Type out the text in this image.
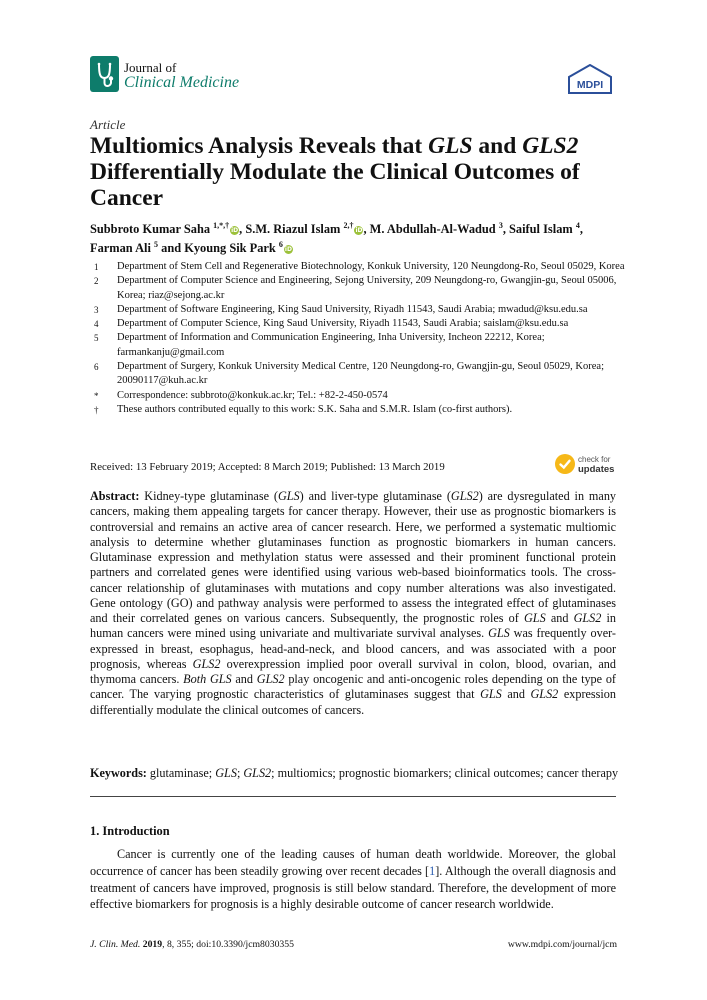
Journal of
Clinical Medicine	MDPI
Article
Multiomics Analysis Reveals that GLS and GLS2 Differentially Modulate the Clinical Outcomes of Cancer

Subbroto Kumar Saha $^{1,*,\dagger}$iD, S.M. Riazul Islam $^{2,\dagger}$iD, M. Abdullah-Al-Wadud $^3$, Saiful Islam $^4$, Farman Ali $^5$ and Kyoung Sik Park $^6$iD

1 Department of Stem Cell and Regenerative Biotechnology, Konkuk University, 120 Neungdong-Ro, Seoul 05029, Korea

2 Department of Computer Science and Engineering, Sejong University, 209 Neungdong-ro, Gwangjin-gu, Seoul 05006, Korea; riaz@sejong.ac.kr

3 Department of Software Engineering, King Saud University, Riyadh 11543, Saudi Arabia; mwadud@ksu.edu.sa

4 Department of Computer Science, King Saud University, Riyadh 11543, Saudi Arabia; saislam@ksu.edu.sa

5 Department of Information and Communication Engineering, Inha University, Incheon 22212, Korea; farmankanju@gmail.com

6 Department of Surgery, Konkuk University Medical Centre, 120 Neungdong-ro, Gwangjin-gu, Seoul 05029, Korea; 20090117@kuh.ac.kr

* Correspondence: subbroto@konkuk.ac.kr; Tel.: +82-2-450-0574

† These authors contributed equally to this work: S.K. Saha and S.M.R. Islam (co-first authors).

Received: 13 February 2019; Accepted: 8 March 2019; Published: 13 March 2019
check for
updates

Abstract: Kidney-type glutaminase (GLS) and liver-type glutaminase (GLS2) are dysregulated in many cancers, making them appealing targets for cancer therapy. However, their use as prognostic biomarkers is controversial and remains an active area of cancer research. Here, we performed a systematic multiomic analysis to determine whether glutaminases function as prognostic biomarkers in human cancers. Glutaminase expression and methylation status were assessed and their prominent functional protein partners and correlated genes were identified using various web-based bioinformatics tools. The cross-cancer relationship of glutaminases with mutations and copy number alterations was also investigated. Gene ontology (GO) and pathway analysis were performed to assess the integrated effect of glutaminases and their correlated genes on various cancers. Subsequently, the prognostic roles of GLS and GLS2 in human cancers were mined using univariate and multivariate survival analyses. GLS was frequently over-expressed in breast, esophagus, head-and-neck, and blood cancers, and was associated with a poor prognosis, whereas GLS2 overexpression implied poor overall survival in colon, blood, ovarian, and thymoma cancers. Both GLS and GLS2 play oncogenic and anti-oncogenic roles depending on the type of cancer. The varying prognostic characteristics of glutaminases suggest that GLS and GLS2 expression differentially modulate the clinical outcomes of cancers.

Keywords: glutaminase; GLS; GLS2; multiomics; prognostic biomarkers; clinical outcomes; cancer therapy

1. Introduction

Cancer is currently one of the leading causes of human death worldwide. Moreover, the global occurrence of cancer has been steadily growing over recent decades [1]. Although the overall diagnosis and treatment of cancers have improved, prognosis is still below standard. Therefore, the development of more effective biomarkers for prognosis is a highly desirable outcome of cancer research worldwide.

J. Clin. Med. 2019, 8, 355; doi:10.3390/jcm8030355	www.mdpi.com/journal/jcm
